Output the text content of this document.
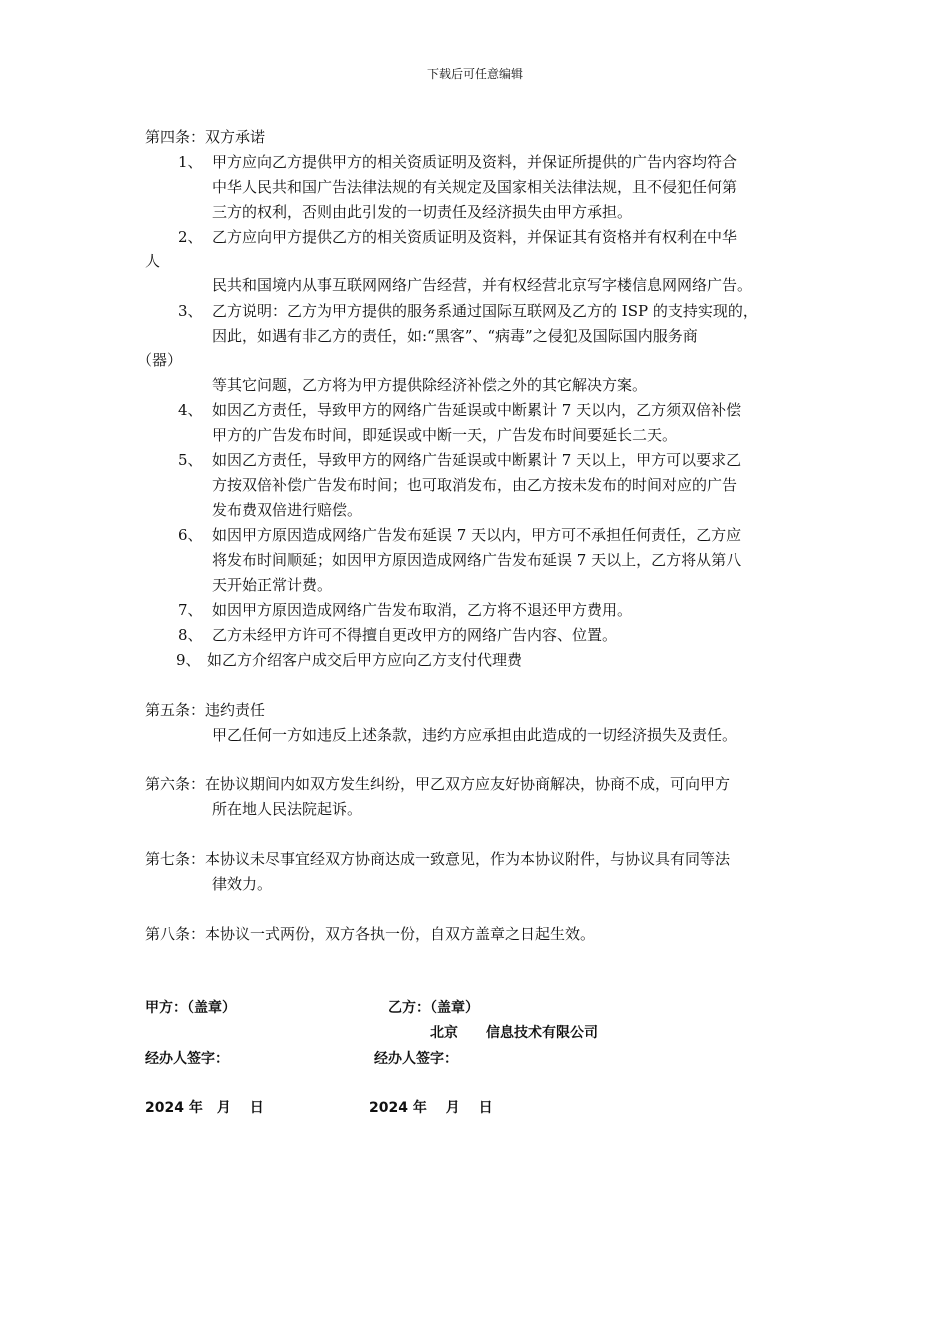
下载后可任意编辑
第四条：双方承诺
1、 甲方应向乙方提供甲方的相关资质证明及资料，并保证所提供的广告内容均符合
中华人民共和国广告法律法规的有关规定及国家相关法律法规，且不侵犯任何第
三方的权利，否则由此引发的一切责任及经济损失由甲方承担。
2、 乙方应向甲方提供乙方的相关资质证明及资料，并保证其有资格并有权利在中华
人
民共和国境内从事互联网网络广告经营，并有权经营北京写字楼信息网网络广告。
3、 乙方说明：乙方为甲方提供的服务系通过国际互联网及乙方的 ISP 的支持实现的，
因此，如遇有非乙方的责任，如:“黑客”、“病毒”之侵犯及国际国内服务商
（器）
等其它问题，乙方将为甲方提供除经济补偿之外的其它解决方案。
4、 如因乙方责任，导致甲方的网络广告延误或中断累计 7 天以内，乙方须双倍补偿
甲方的广告发布时间，即延误或中断一天，广告发布时间要延长二天。
5、 如因乙方责任，导致甲方的网络广告延误或中断累计 7 天以上，甲方可以要求乙
方按双倍补偿广告发布时间；也可取消发布，由乙方按未发布的时间对应的广告
发布费双倍进行赔偿。
6、 如因甲方原因造成网络广告发布延误 7 天以内，甲方可不承担任何责任，乙方应
将发布时间顺延；如因甲方原因造成网络广告发布延误 7 天以上，乙方将从第八
天开始正常计费。
7、 如因甲方原因造成网络广告发布取消，乙方将不退还甲方费用。
8、 乙方未经甲方许可不得擅自更改甲方的网络广告内容、位置。
9、 如乙方介绍客户成交后甲方应向乙方支付代理费
第五条：违约责任
甲乙任何一方如违反上述条款，违约方应承担由此造成的一切经济损失及责任。
第六条：在协议期间内如双方发生纠纷，甲乙双方应友好协商解决，协商不成，可向甲方
所在地人民法院起诉。
第七条：本协议未尽事宜经双方协商达成一致意见，作为本协议附件，与协议具有同等法
律效力。
第八条：本协议一式两份，双方各执一份，自双方盖章之日起生效。
甲方：（盖章）	乙方：（盖章）
北京　　信息技术有限公司
经办人签字：	经办人签字：
2024 年　月　 日	2024 年　 月　 日
